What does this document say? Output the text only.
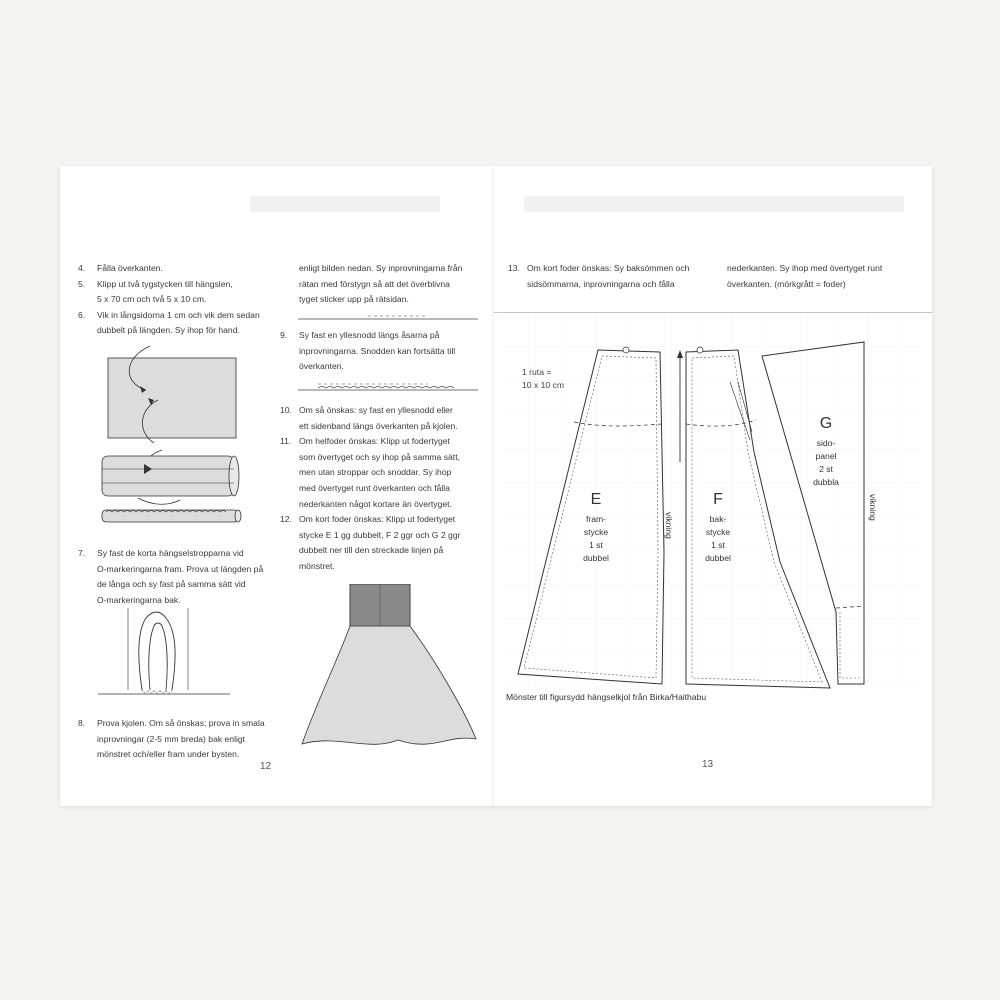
4. Fålla överkanten.
5. Klipp ut två tygstycken till hängslen,
5 x 70 cm och två 5 x 10 cm.
6. Vik in långsidorna 1 cm och vik dem sedan
dubbelt på längden. Sy ihop för hand.
7. Sy fast de korta hängselstropparna vid
O-markeringarna fram. Prova ut längden på
de långa och sy fast på samma sätt vid
O-markeringarna bak.
8. Prova kjolen. Om så önskas; prova in smala
inprovningar (2-5 mm breda) bak enligt
mönstret och/eller fram under bysten.
enligt bilden nedan. Sy inprovningarna från
rätan med förstygn så att det överblivna
tyget sticker upp på rätsidan.
9. Sy fast en yllesnodd längs åsarna på
inprovningarna. Snodden kan fortsätta till
överkanten.
10. Om så önskas: sy fast en yllesnodd eller
ett sidenband längs överkanten på kjolen.
11. Om helfoder önskas: Klipp ut fodertyget
som övertyget och sy ihop på samma sätt,
men utan stroppar och snoddar. Sy ihop
med övertyget runt överkanten och fålla
nederkanten något kortare än övertyget.
12. Om kort foder önskas: Klipp ut fodertyget
stycke E 1 gg dubbelt, F 2 ggr och G 2 ggr
dubbelt ner till den streckade linjen på
mönstret.
12
13. Om kort foder önskas: Sy baksömmen och
sidsömmarna, inprovningarna och fålla
nederkanten. Sy ihop med övertyget runt
överkanten. (mörkgrått = foder)
1 ruta =
10 x 10 cm
E
fram-
stycke
1 st
dubbel
vikning
F
bak-
stycke
1 st
dubbel
G
sido-
panel
2 st
dubbla
vikning
Mönster till figursydd hängselkjol från Birka/Haithabu
13
